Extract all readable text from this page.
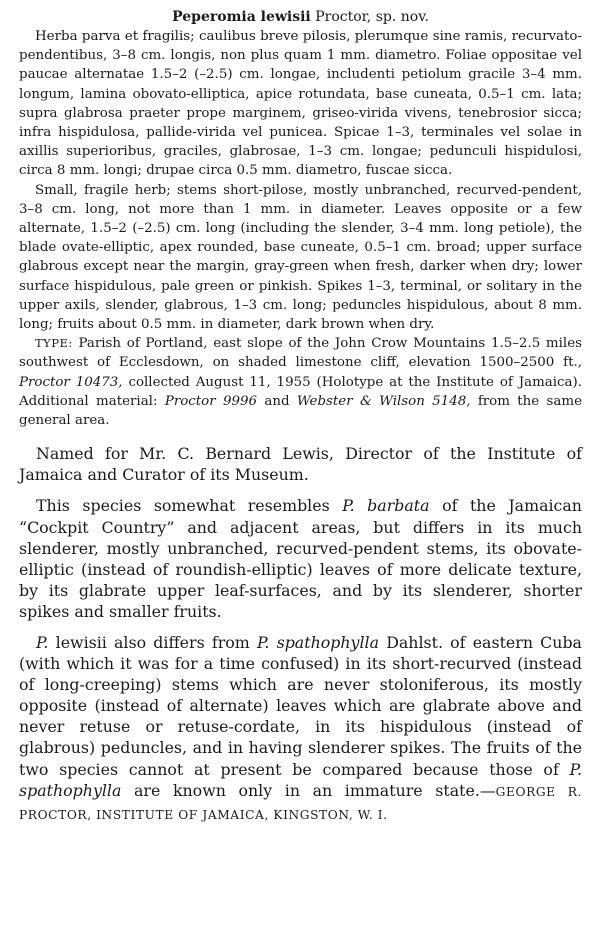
Peperomia lewisii Proctor, sp. nov.

Herba parva et fragilis; caulibus breve pilosis, plerumque sine ramis, recurvato-pendentibus, 3–8 cm. longis, non plus quam 1 mm. diametro. Foliae oppositae vel paucae alternatae 1.5–2 (–2.5) cm. longae, includenti petiolum gracile 3–4 mm. longum, lamina obovato-elliptica, apice rotundata, base cuneata, 0.5–1 cm. lata; supra glabrosa praeter prope marginem, griseo-virida vivens, tenebrosior sicca; infra hispidulosa, pallide-virida vel punicea. Spicae 1–3, terminales vel solae in axillis superioribus, graciles, glabrosae, 1–3 cm. longae; pedunculi hispidulosi, circa 8 mm. longi; drupae circa 0.5 mm. diametro, fuscae sicca.

Small, fragile herb; stems short-pilose, mostly unbranched, recurved-pendent, 3–8 cm. long, not more than 1 mm. in diameter. Leaves opposite or a few alternate, 1.5–2 (–2.5) cm. long (including the slender, 3–4 mm. long petiole), the blade ovate-elliptic, apex rounded, base cuneate, 0.5–1 cm. broad; upper surface glabrous except near the margin, gray-green when fresh, darker when dry; lower surface hispidulous, pale green or pinkish. Spikes 1–3, terminal, or solitary in the upper axils, slender, glabrous, 1–3 cm. long; peduncles hispidulous, about 8 mm. long; fruits about 0.5 mm. in diameter, dark brown when dry.

TYPE: Parish of Portland, east slope of the John Crow Mountains 1.5–2.5 miles southwest of Ecclesdown, on shaded limestone cliff, elevation 1500–2500 ft., Proctor 10473, collected August 11, 1955 (Holotype at the Institute of Jamaica). Additional material: Proctor 9996 and Webster & Wilson 5148, from the same general area.

Named for Mr. C. Bernard Lewis, Director of the Institute of Jamaica and Curator of its Museum.

This species somewhat resembles P. barbata of the Jamaican “Cockpit Country” and adjacent areas, but differs in its much slenderer, mostly unbranched, recurved-pendent stems, its obovate-elliptic (instead of roundish-elliptic) leaves of more delicate texture, by its glabrate upper leaf-surfaces, and by its slenderer, shorter spikes and smaller fruits.

P. lewisii also differs from P. spathophylla Dahlst. of eastern Cuba (with which it was for a time confused) in its short-recurved (instead of long-creeping) stems which are never stoloniferous, its mostly opposite (instead of alternate) leaves which are glabrate above and never retuse or retuse-cordate, in its hispidulous (instead of glabrous) peduncles, and in having slenderer spikes. The fruits of the two species cannot at present be compared because those of P. spathophylla are known only in an immature state.—GEORGE R. PROCTOR, INSTITUTE OF JAMAICA, KINGSTON, W. I.
